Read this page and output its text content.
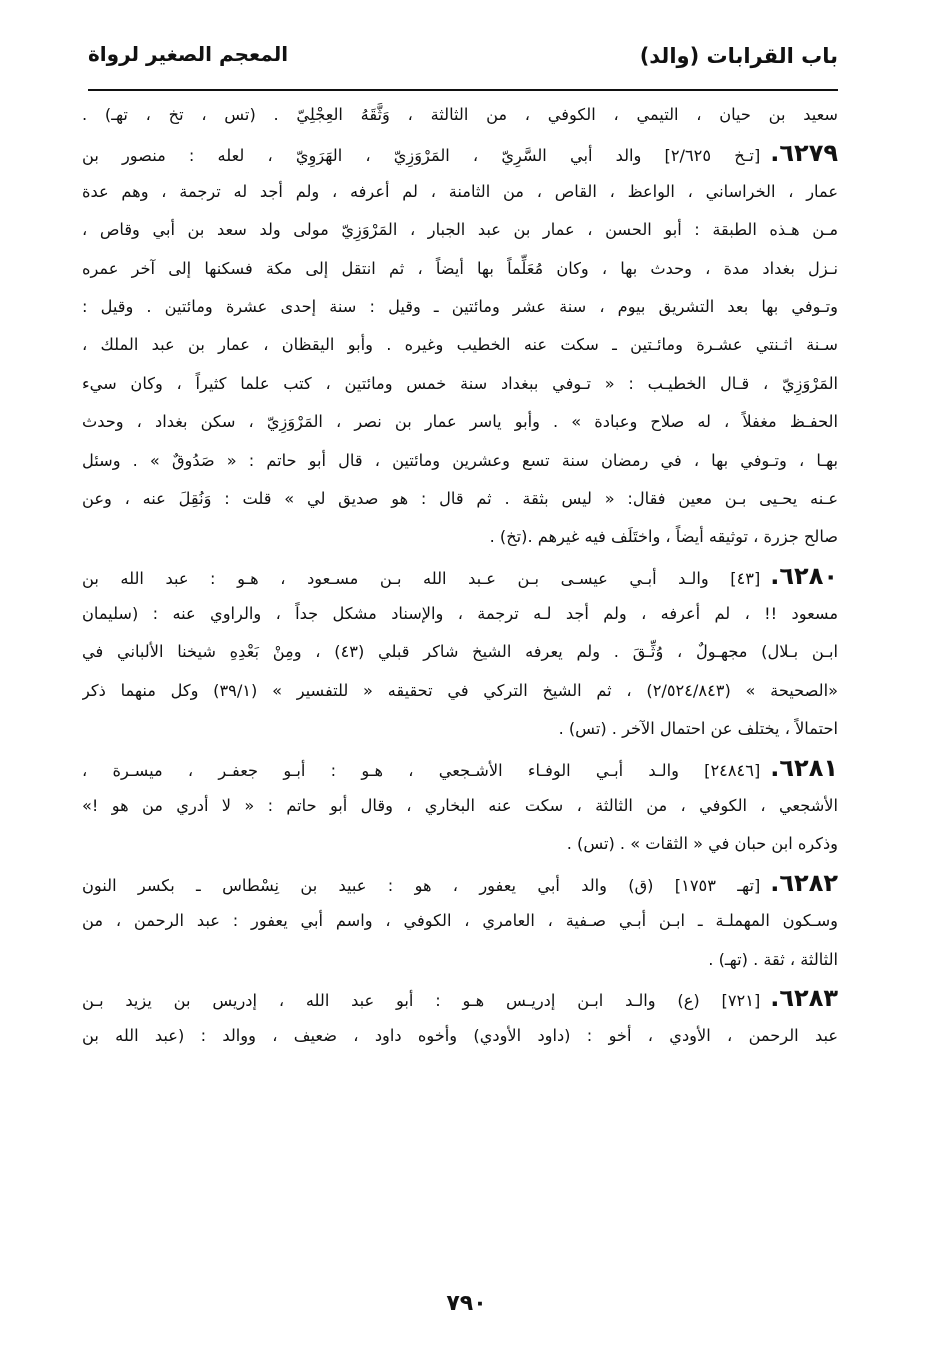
باب القرابات (والد)
المعجم الصغير لرواة
سعيد بن حيان ، التيمي ، الكوفي ، من الثالثة ، وَثَّقَهُ العِجْلِيّ . (تس ، تخ ، تهـ) .
٦٢٧٩.[تـخ ٢/٦٢٥] والد أبي السَّرِيّ ، المَرْوَزِيّ ، الهَرَوِيّ ، لعله : منصور بن
عمار ، الخراساني ، الواعظ ، القاص ، من الثامنة ، لم أعرفه ، ولم أجد له ترجمة ، وهم عدة
مـن هـذه الطبقة : أبو الحسن ، عمار بن عبد الجبار ، المَرْوَزِيّ مولى ولد سعد بن أبي وقاص ،
نـزل بغداد مدة ، وحدث بها ، وكان مُعَلِّماً بها أيضاً ، ثم انتقل إلى مكة فسكنها إلى آخر عمره
وتـوفي بها بعد التشريق بيوم ، سنة عشر ومائتين ـ وقيل : سنة إحدى عشرة ومائتين . وقيل :
سـنة اثـنتي عشـرة ومائـتين ـ سكت عنه الخطيب وغيره . وأبو اليقظان ، عمار بن عبد الملك ،
المَرْوَزِيّ ، قـال الخطيـب : « تـوفي ببغداد سنة خمس ومائتين ، كتب علما كثيراً ، وكان سيء
الحفـظ مغفلاً ، له صلاح وعبادة » . وأبو ياسر عمار بن نصر ، المَرْوَزِيّ ، سكن بغداد ، وحدث
بهـا ، وتـوفي بها ، في رمضان سنة تسع وعشرين ومائتين ، قال أبو حاتم : « صَدُوقٌ » . وسئل
عـنه يحـيى بـن معين فقال: « ليس بثقة . ثم قال : هو صديق لي » قلت : وَنُقِلَ عنه ، وعن
صالح جزرة ، توثيقه أيضاً ، واختَلَف فيه غيرهم .(تخ) .
٦٢٨٠.[٤٣] والـد أبـي عيسـى بـن عـبد الله بـن مسـعود ، هـو : عبد الله بن
مسعود !! ، لم أعرفه ، ولم أجد لـه ترجمة ، والإسناد مشكل جداً ، والراوي عنه : (سليمان
ابـن بـلال) مجهـولٌ ، وُثِّـقَ . ولم يعرفه الشيخ شاكر قبلي (٤٣) ، ومِنْ بَعْدِهِ شيخنا الألباني في
«الصحيحة » (٢/٥٢٤/٨٤٣) ، ثم الشيخ التركي في تحقيقه « للتفسير » (٣٩/١) وكل منهما ذكر
احتمالاً ، يختلف عن احتمال الآخر . (تس) .
٦٢٨١.[٢٤٨٤٦] والـد أبـي الوفـاء الأشـجعي ، هـو : أبـو جعفـر ، ميسـرة ،
الأشجعي ، الكوفي ، من الثالثة ، سكت عنه البخاري ، وقال أبو حاتم : « لا أدري من هو !»
وذكره ابن حبان في « الثقات » . (تس) .
٦٢٨٢.[تهـ ١٧٥٣] (ق) والد أبي يعفور ، هو : عبيد بن نِسْطاس ـ بكسر النون
وسـكون المهملـة ـ ابـن أبـي صـفية ، العامري ، الكوفي ، واسم أبي يعفور : عبد الرحمن ، من
الثالثة ، ثقة . (تهـ) .
٦٢٨٣.[٧٢١] (ع) والـد ابـن إدريـس هـو : أبو عبد الله ، إدريس بن يزيد بـن
عبد الرحمن ، الأودي ، أخو : (داود الأودي) وأخوه داود ، ضعيف ، ووالد : (عبد الله بن
٧٩٠
